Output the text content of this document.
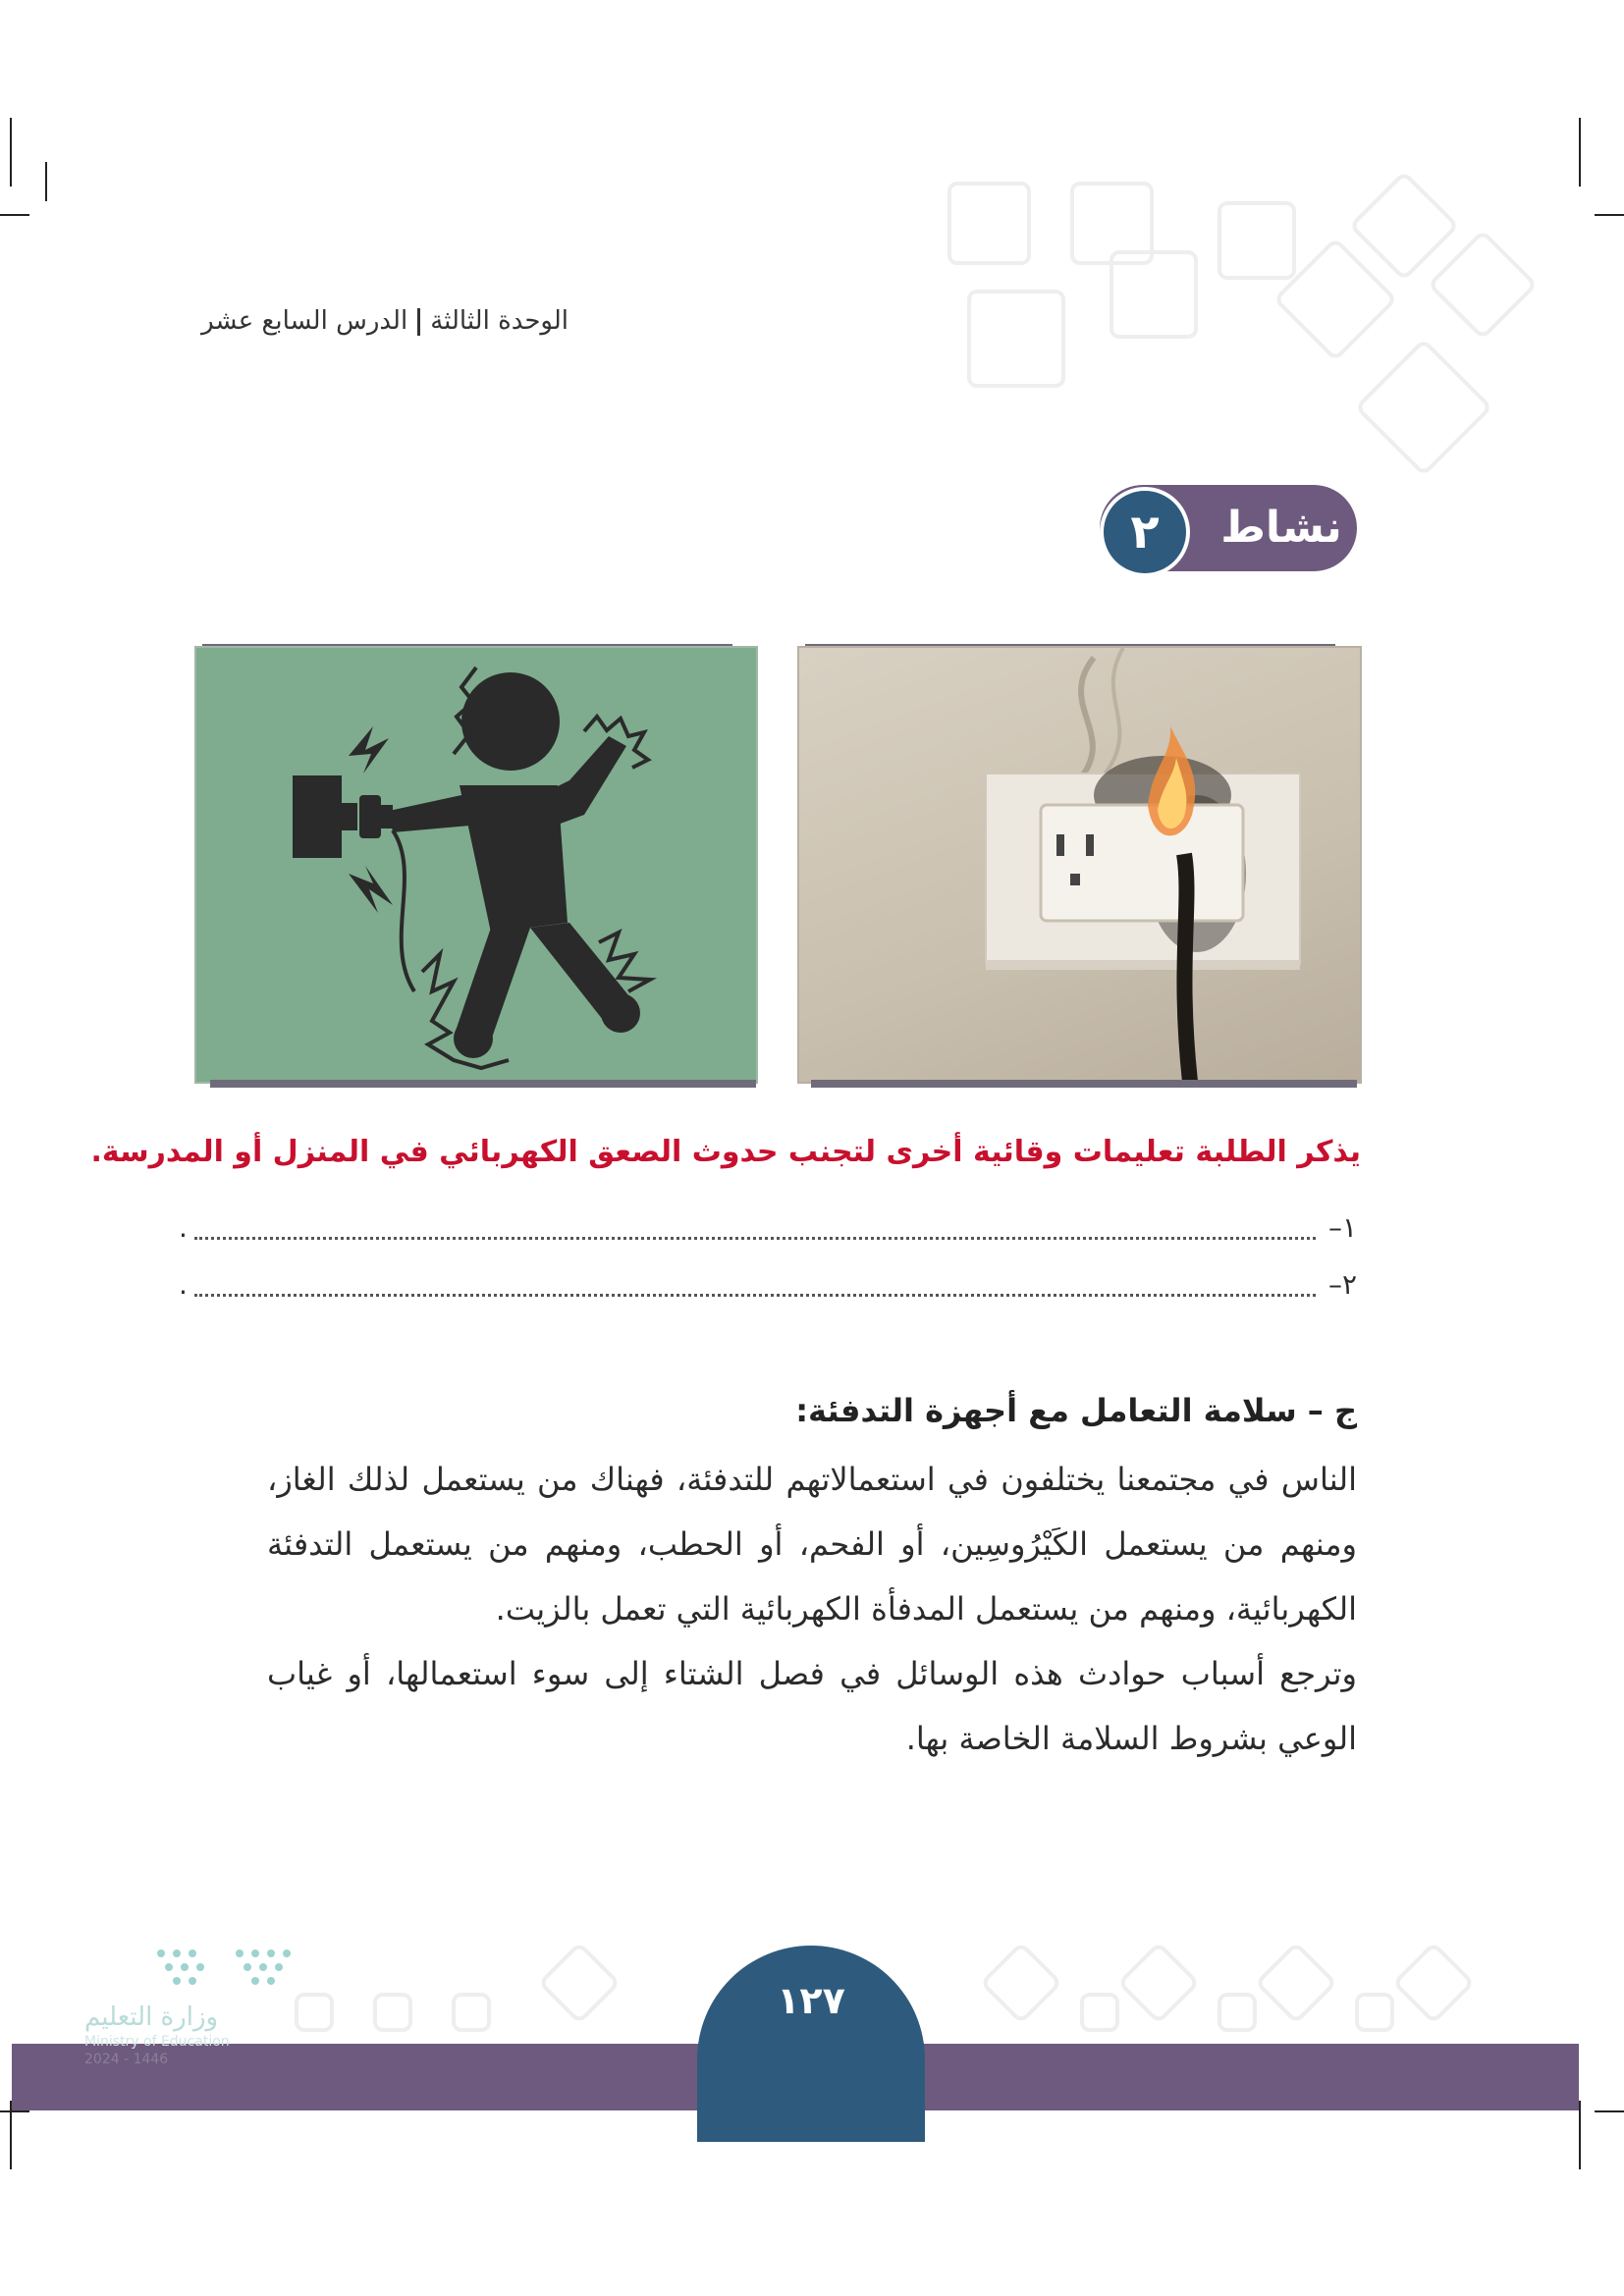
الوحدة الثالثةالدرس السابع عشر
نشاط
٢
يذكر الطلبة تعليمات وقائية أخرى لتجنب حدوث الصعق الكهربائي في المنزل أو المدرسة.
١–
.
٢–
.
ج – سلامة التعامل مع أجهزة التدفئة:
الناس في مجتمعنا يختلفون في استعمالاتهم للتدفئة، فهناك من يستعمل لذلك الغاز، ومنهم من يستعمل الكَيْرُوسِين، أو الفحم، أو الحطب، ومنهم من يستعمل التدفئة الكهربائية، ومنهم من يستعمل المدفأة الكهربائية التي تعمل بالزيت.
وترجع أسباب حوادث هذه الوسائل في فصل الشتاء إلى سوء استعمالها، أو غياب الوعي بشروط السلامة الخاصة بها.
١٢٧
وزارة التعليم
Ministry of Education
2024 - 1446
